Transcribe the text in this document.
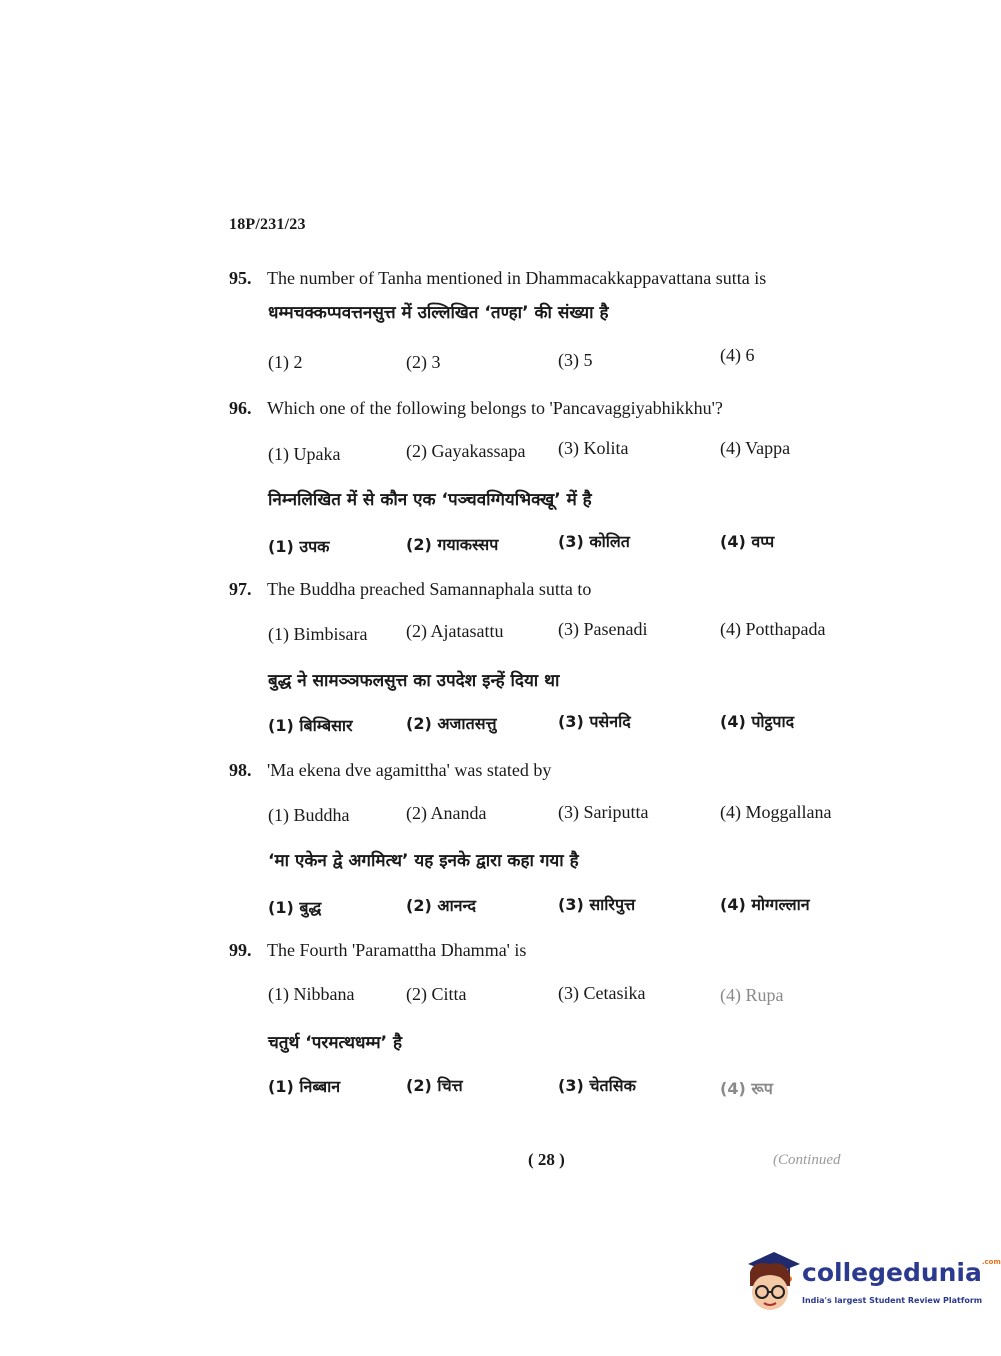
18P/231/23
95. The number of Tanha mentioned in Dhammacakkappavattana sutta is
धम्मचक्कप्पवत्तनसुत्त में उल्लिखित ‘तण्हा’ की संख्या है
(1) 2	(2) 3	(3) 5	(4) 6
96. Which one of the following belongs to 'Pancavaggiyabhikkhu'?
(1) Upaka	(2) Gayakassapa (3) Kolita	(4) Vappa
निम्नलिखित में से कौन एक ‘पञ्चवग्गियभिक्खू’ में है
(1) उपक	(2) गयाकस्सप	(3) कोलित	(4) वप्प
97. The Buddha preached Samannaphala sutta to
(1) Bimbisara (2) Ajatasattu	(3) Pasenadi	(4) Potthapada
बुद्ध ने सामञ्ञफलसुत्त का उपदेश इन्हें दिया था
(1) बिम्बिसार	(2) अजातसत्तु	(3) पसेनदि	(4) पोट्ठपाद
98. 'Ma ekena dve agamittha' was stated by
(1) Buddha	(2) Ananda	(3) Sariputta	(4) Moggallana
‘मा एकेन द्वे अगमित्थ’ यह इनके द्वारा कहा गया है
(1) बुद्ध	(2) आनन्द	(3) सारिपुत्त	(4) मोग्गल्लान
99. The Fourth 'Paramattha Dhamma' is
(1) Nibbana	(2) Citta	(3) Cetasika	(4) Rupa
चतुर्थ ‘परमत्थधम्म’ है
(1) निब्बान	(2) चित्त	(3) चेतसिक	(4) रूप
( 28 )	(Continued
collegedunia$^{.com}$
India's largest Student Review Platform
